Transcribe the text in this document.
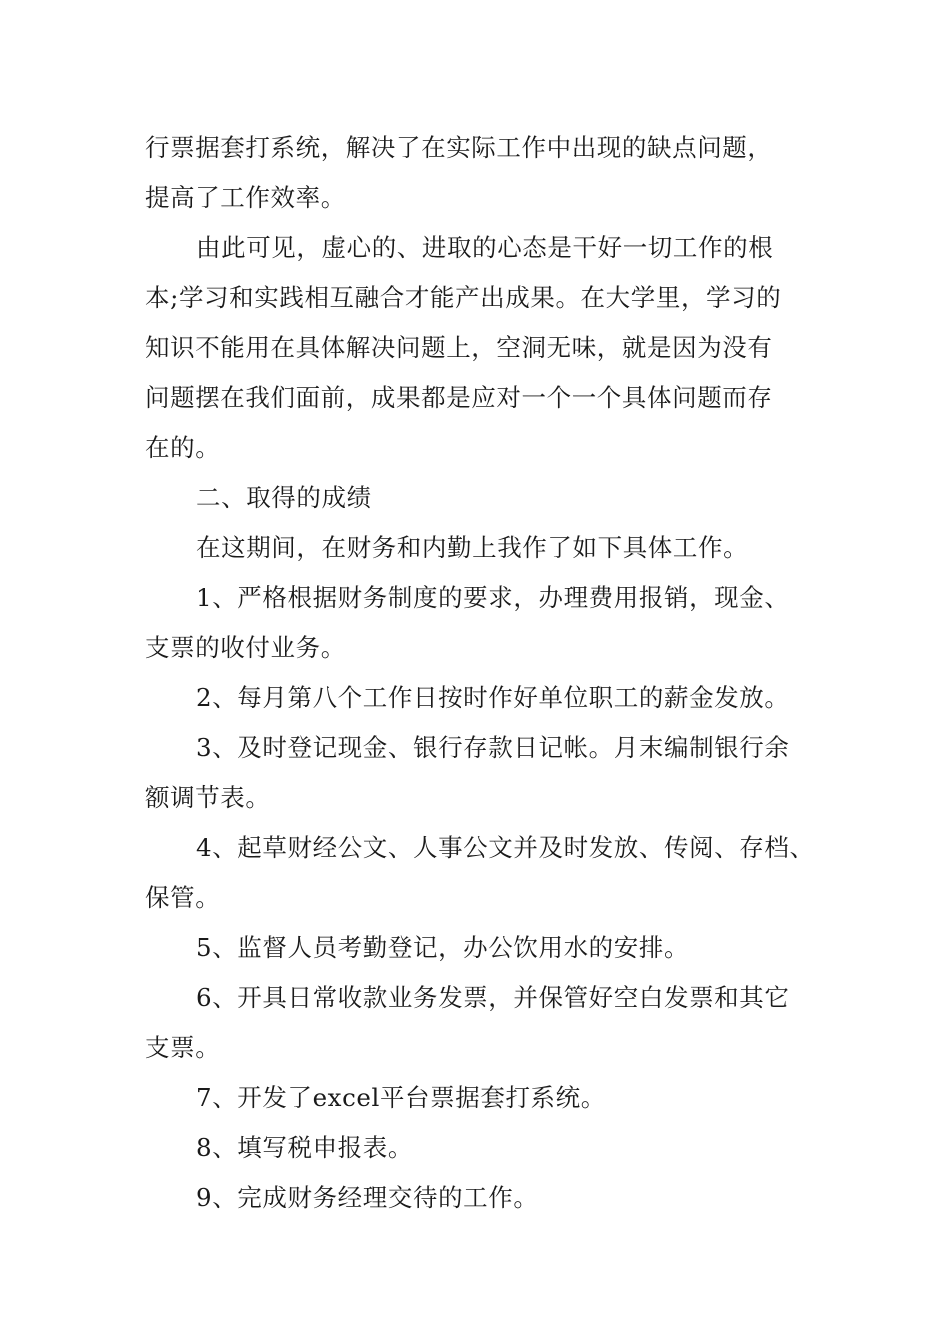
行票据套打系统，解决了在实际工作中出现的缺点问题，
提高了工作效率。
由此可见，虚心的、进取的心态是干好一切工作的根
本;学习和实践相互融合才能产出成果。在大学里，学习的
知识不能用在具体解决问题上，空洞无味，就是因为没有
问题摆在我们面前，成果都是应对一个一个具体问题而存
在的。
二、取得的成绩
在这期间，在财务和内勤上我作了如下具体工作。
1、严格根据财务制度的要求，办理费用报销，现金、
支票的收付业务。
2、每月第八个工作日按时作好单位职工的薪金发放。
3、及时登记现金、银行存款日记帐。月末编制银行余
额调节表。
4、起草财经公文、人事公文并及时发放、传阅、存档、
保管。
5、监督人员考勤登记，办公饮用水的安排。
6、开具日常收款业务发票，并保管好空白发票和其它
支票。
7、开发了excel平台票据套打系统。
8、填写税申报表。
9、完成财务经理交待的工作。
